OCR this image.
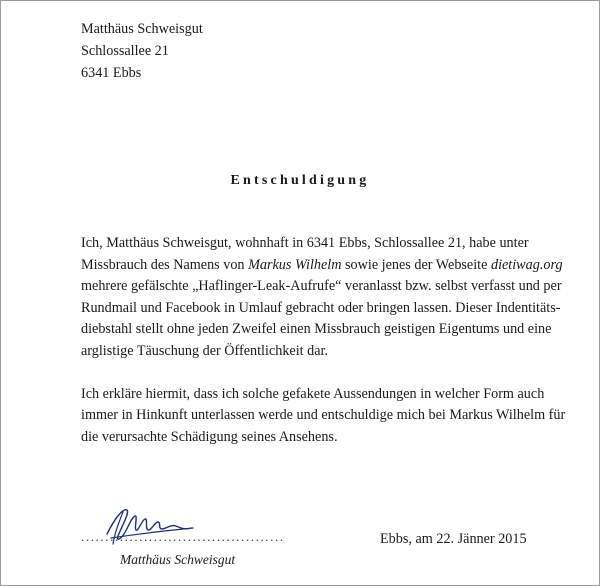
Matthäus Schweisgut
Schlossallee 21
6341 Ebbs
Entschuldigung

Ich, Matthäus Schweisgut, wohnhaft in 6341 Ebbs, Schlossallee 21, habe unter
Missbrauch des Namens von Markus Wilhelm sowie jenes der Webseite dietiwag.org
mehrere gefälschte „Haflinger-Leak-Aufrufe“ veranlasst bzw. selbst verfasst und per
Rundmail und Facebook in Umlauf gebracht oder bringen lassen. Dieser Indentitäts-
diebstahl stellt ohne jeden Zweifel einen Missbrauch geistigen Eigentums und eine
arglistige Täuschung der Öffentlichkeit dar.

Ich erkläre hiermit, dass ich solche gefakete Aussendungen in welcher Form auch
immer in Hinkunft unterlassen werde und entschuldige mich bei Markus Wilhelm für
die verursachte Schädigung seines Ansehens.

..........................................
Matthäus Schweisgut
Ebbs, am 22. Jänner 2015
